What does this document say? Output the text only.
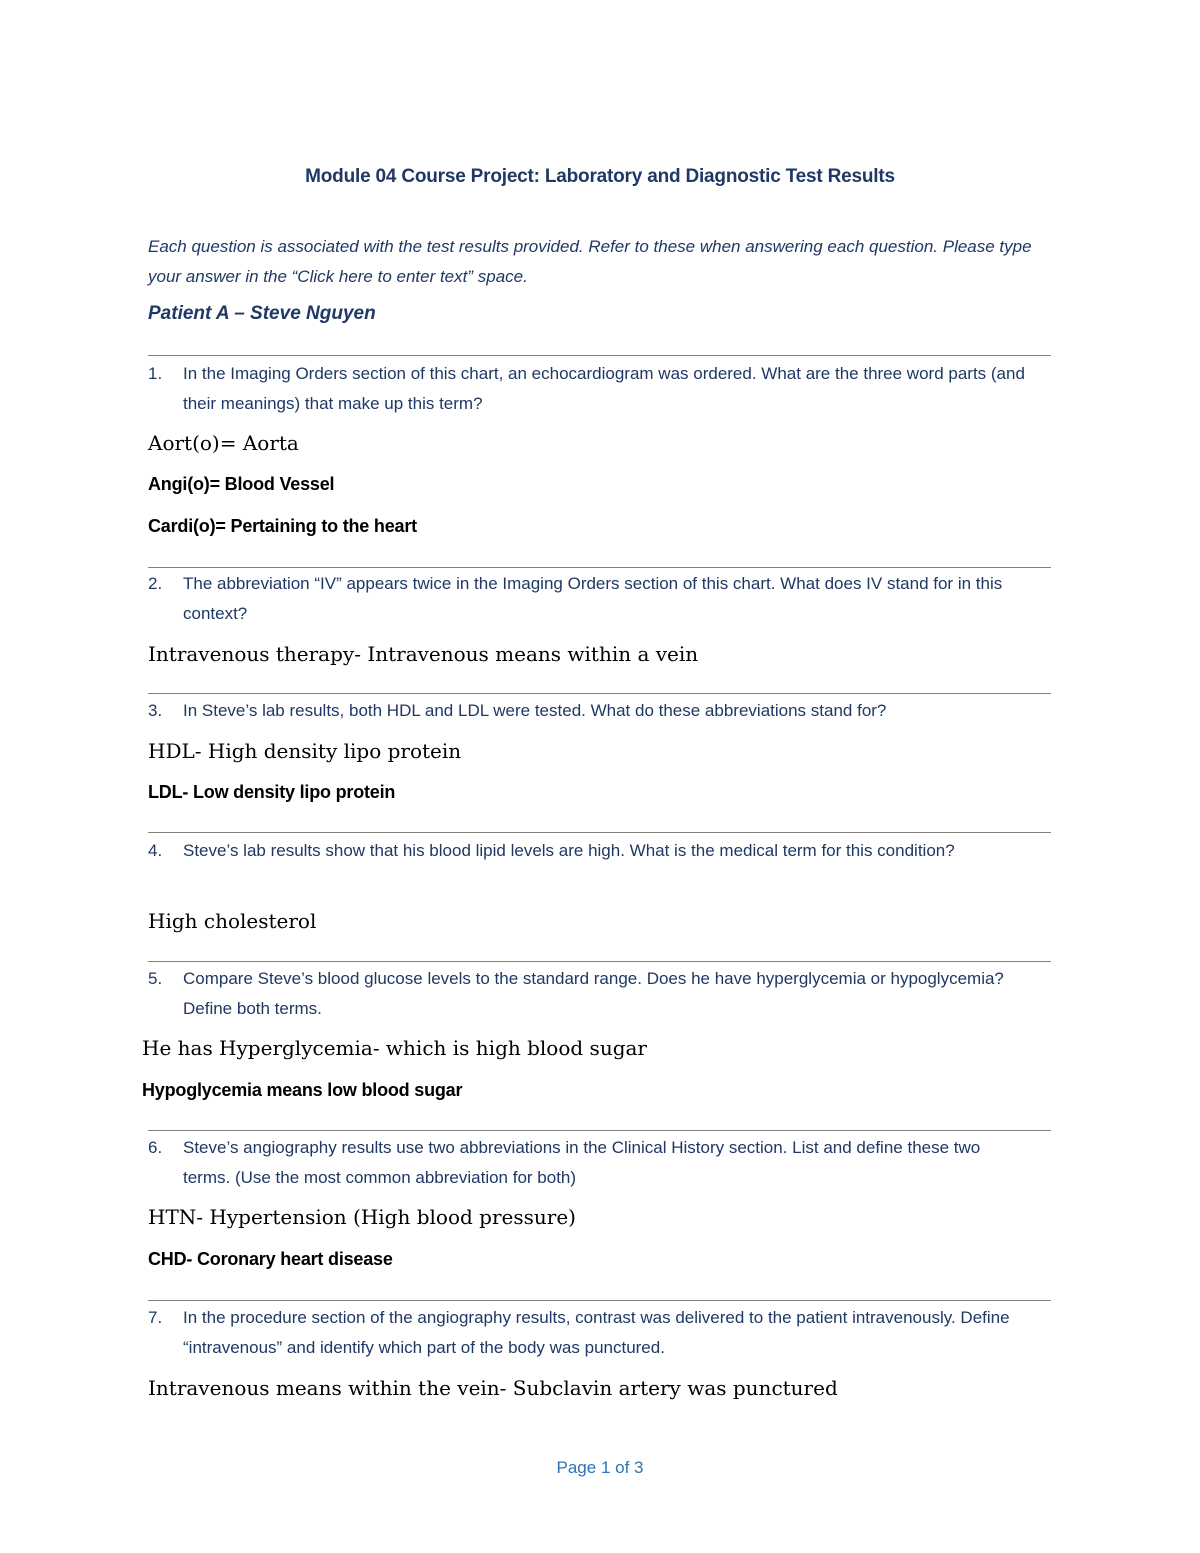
Module 04 Course Project: Laboratory and Diagnostic Test Results
Each question is associated with the test results provided. Refer to these when answering each question. Please type your answer in the “Click here to enter text” space.
Patient A – Steve Nguyen
1. In the Imaging Orders section of this chart, an echocardiogram was ordered. What are the three word parts (and their meanings) that make up this term?
Aort(o)= Aorta
Angi(o)= Blood Vessel
Cardi(o)= Pertaining to the heart
2. The abbreviation “IV” appears twice in the Imaging Orders section of this chart. What does IV stand for in this context?
Intravenous therapy- Intravenous means within a vein
3. In Steve’s lab results, both HDL and LDL were tested. What do these abbreviations stand for?
HDL- High density lipo protein
LDL- Low density lipo protein
4. Steve’s lab results show that his blood lipid levels are high. What is the medical term for this condition?
High cholesterol
5. Compare Steve’s blood glucose levels to the standard range. Does he have hyperglycemia or hypoglycemia? Define both terms.
He has Hyperglycemia- which is high blood sugar
Hypoglycemia means low blood sugar
6. Steve’s angiography results use two abbreviations in the Clinical History section. List and define these two terms. (Use the most common abbreviation for both)
HTN- Hypertension (High blood pressure)
CHD- Coronary heart disease
7. In the procedure section of the angiography results, contrast was delivered to the patient intravenously. Define “intravenous” and identify which part of the body was punctured.
Intravenous means within the vein- Subclavin artery was punctured
Page 1 of 3
